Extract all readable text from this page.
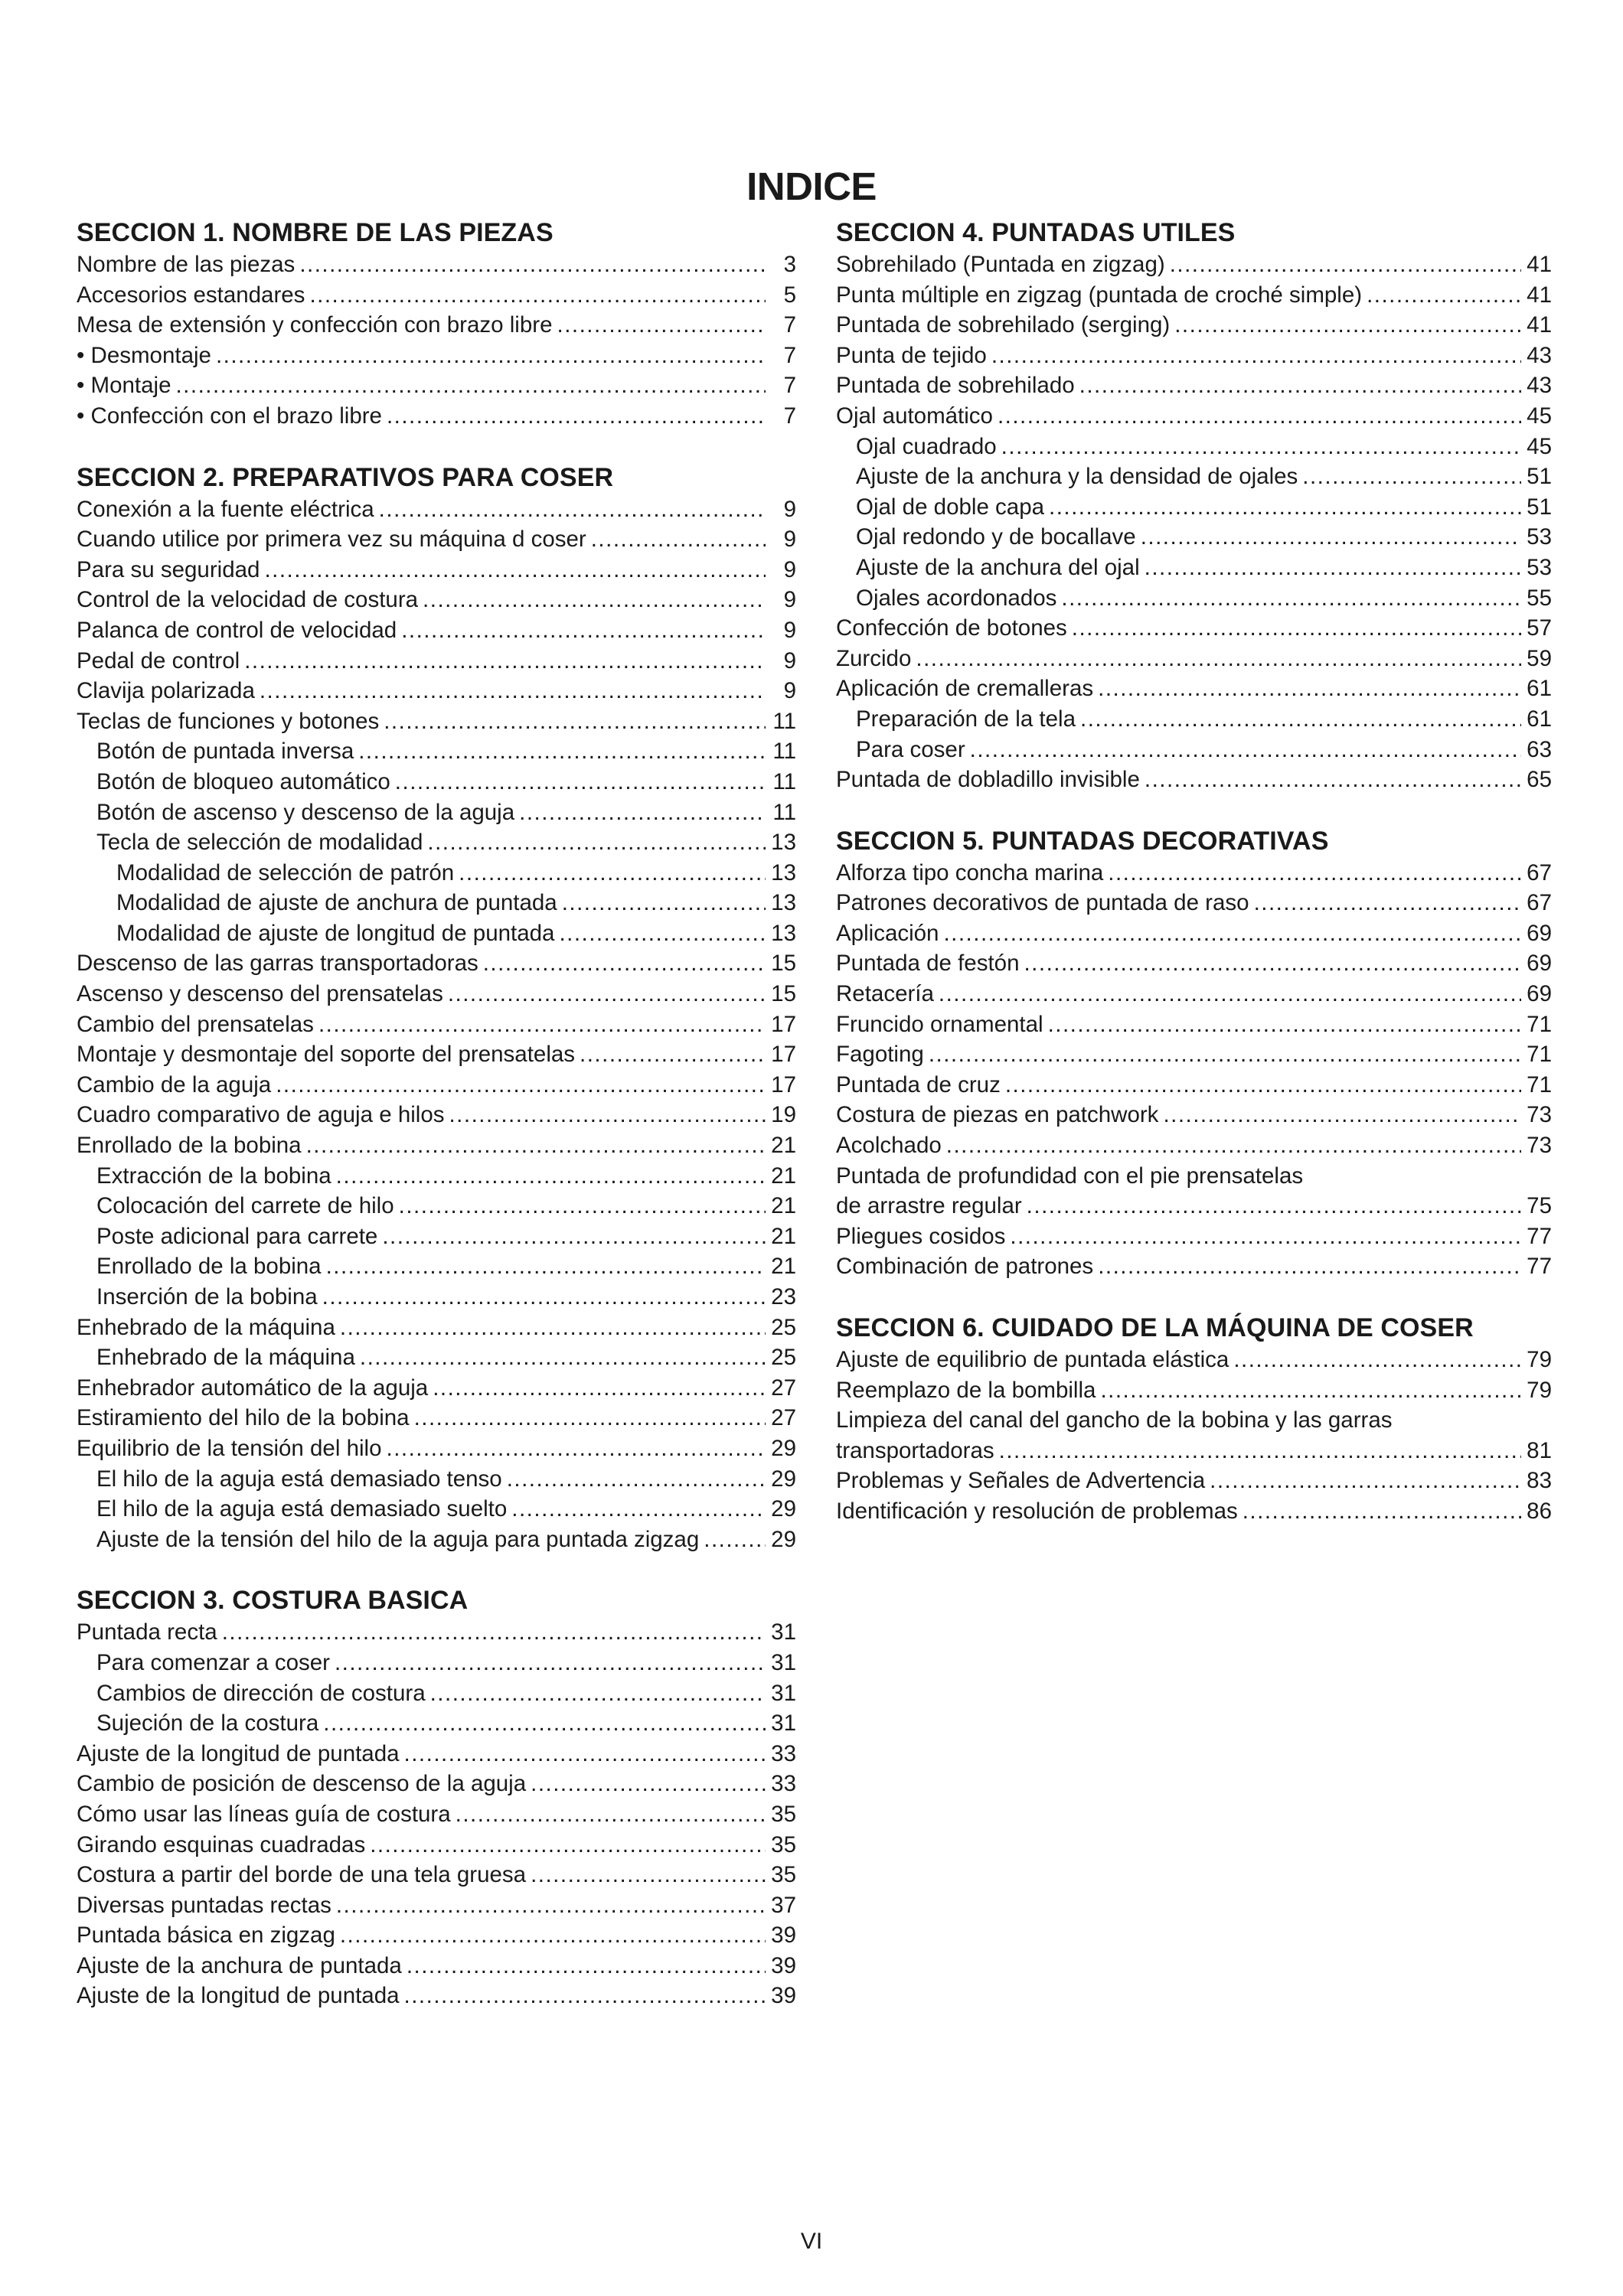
INDICE
SECCION 1. NOMBRE DE LAS PIEZAS
Nombre de las piezas .....	3
Accesorios estandares .....	5
Mesa de extensión y confección con brazo libre .....	7
• Desmontaje .....	7
• Montaje .....	7
• Confección con el brazo libre .....	7
SECCION 2. PREPARATIVOS PARA COSER
Conexión a la fuente eléctrica .....	9
Cuando utilice por primera vez su máquina d coser .....	9
Para su seguridad .....	9
Control de la velocidad de costura .....	9
Palanca de control de velocidad .....	9
Pedal de control .....	9
Clavija polarizada .....	9
Teclas de funciones y botones .....	11
Botón de puntada inversa .....	11
Botón de bloqueo automático .....	11
Botón de ascenso y descenso de la aguja .....	11
Tecla de selección de modalidad .....	13
Modalidad de selección de patrón .....	13
Modalidad de ajuste de anchura de puntada .....	13
Modalidad de ajuste de longitud de puntada .....	13
Descenso de las garras transportadoras .....	15
Ascenso y descenso del prensatelas .....	15
Cambio del prensatelas .....	17
Montaje y desmontaje del soporte del prensatelas .....	17
Cambio de la aguja .....	17
Cuadro comparativo de aguja e hilos .....	19
Enrollado de la bobina .....	21
Extracción de la bobina .....	21
Colocación del carrete de hilo .....	21
Poste adicional para carrete .....	21
Enrollado de la bobina .....	21
Inserción de la bobina .....	23
Enhebrado de la máquina .....	25
Enhebrado de la máquina .....	25
Enhebrador automático de la aguja .....	27
Estiramiento del hilo de la bobina .....	27
Equilibrio de la tensión del hilo .....	29
El hilo de la aguja está demasiado tenso .....	29
El hilo de la aguja está demasiado suelto .....	29
Ajuste de la tensión del hilo de la aguja para puntada zigzag .....	29
SECCION 3. COSTURA BASICA
Puntada recta .....	31
Para comenzar a coser .....	31
Cambios de dirección de costura .....	31
Sujeción de la costura .....	31
Ajuste de la longitud de puntada .....	33
Cambio de posición de descenso de la aguja .....	33
Cómo usar las líneas guía de costura .....	35
Girando esquinas cuadradas .....	35
Costura a partir del borde de una tela gruesa .....	35
Diversas puntadas rectas .....	37
Puntada básica en zigzag .....	39
Ajuste de la anchura de puntada .....	39
Ajuste de la longitud de puntada .....	39
SECCION 4. PUNTADAS UTILES
Sobrehilado (Puntada en zigzag) .....	41
Punta múltiple en zigzag (puntada de croché simple) .....	41
Puntada de sobrehilado (serging) .....	41
Punta de tejido .....	43
Puntada de sobrehilado .....	43
Ojal automático .....	45
Ojal cuadrado .....	45
Ajuste de la anchura y la densidad de ojales .....	51
Ojal de doble capa .....	51
Ojal redondo y de bocallave .....	53
Ajuste de la anchura del ojal .....	53
Ojales acordonados .....	55
Confección de botones .....	57
Zurcido .....	59
Aplicación de cremalleras .....	61
Preparación de la tela .....	61
Para coser .....	63
Puntada de dobladillo invisible .....	65
SECCION 5. PUNTADAS DECORATIVAS
Alforza tipo concha marina .....	67
Patrones decorativos de puntada de raso .....	67
Aplicación .....	69
Puntada de festón .....	69
Retacería .....	69
Fruncido ornamental .....	71
Fagoting .....	71
Puntada de cruz .....	71
Costura de piezas en patchwork .....	73
Acolchado .....	73
Puntada de profundidad con el pie prensatelas
de arrastre regular .....	75
Pliegues cosidos .....	77
Combinación de patrones .....	77
SECCION 6. CUIDADO DE LA MÁQUINA DE COSER
Ajuste de equilibrio de puntada elástica .....	79
Reemplazo de la bombilla .....	79
Limpieza del canal del gancho de la bobina y las garras
transportadoras .....	81
Problemas y Señales de Advertencia .....	83
Identificación y resolución de problemas .....	86
VI
